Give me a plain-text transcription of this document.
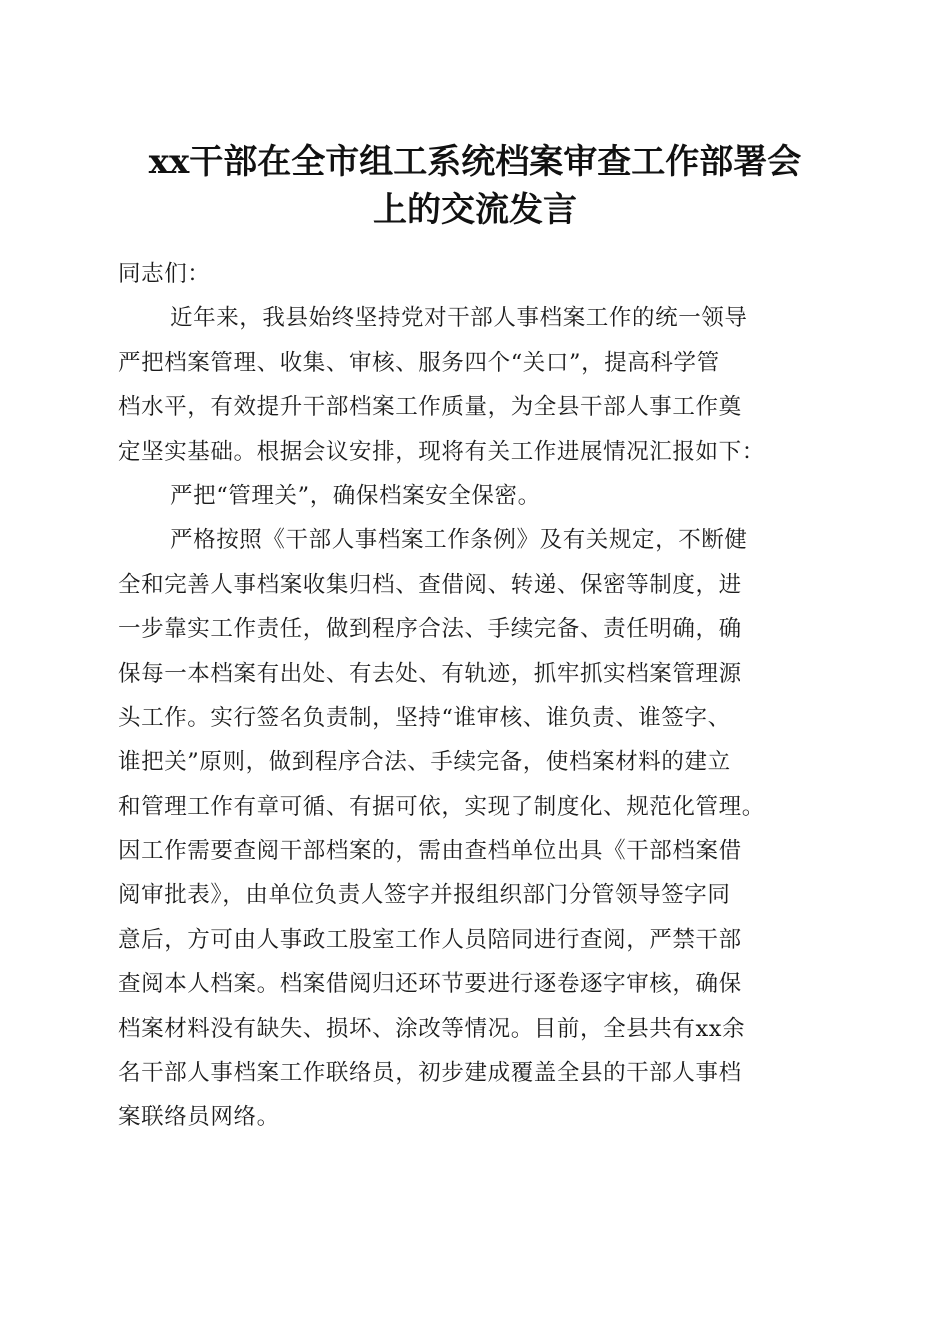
xx干部在全市组工系统档案审查工作部署会
上的交流发言
同志们：
近年来，我县始终坚持党对干部人事档案工作的统一领导
严把档案管理、收集、审核、服务四个“关口”，提高科学管
档水平，有效提升干部档案工作质量，为全县干部人事工作奠
定坚实基础。根据会议安排，现将有关工作进展情况汇报如下：
严把“管理关”，确保档案安全保密。
严格按照《干部人事档案工作条例》及有关规定，不断健
全和完善人事档案收集归档、查借阅、转递、保密等制度，进
一步靠实工作责任，做到程序合法、手续完备、责任明确，确
保每一本档案有出处、有去处、有轨迹，抓牢抓实档案管理源
头工作。实行签名负责制，坚持“谁审核、谁负责、谁签字、
谁把关”原则，做到程序合法、手续完备，使档案材料的建立
和管理工作有章可循、有据可依，实现了制度化、规范化管理。
因工作需要查阅干部档案的，需由查档单位出具《干部档案借
阅审批表》，由单位负责人签字并报组织部门分管领导签字同
意后，方可由人事政工股室工作人员陪同进行查阅，严禁干部
查阅本人档案。档案借阅归还环节要进行逐卷逐字审核，确保
档案材料没有缺失、损坏、涂改等情况。目前，全县共有xx余
名干部人事档案工作联络员，初步建成覆盖全县的干部人事档
案联络员网络。
